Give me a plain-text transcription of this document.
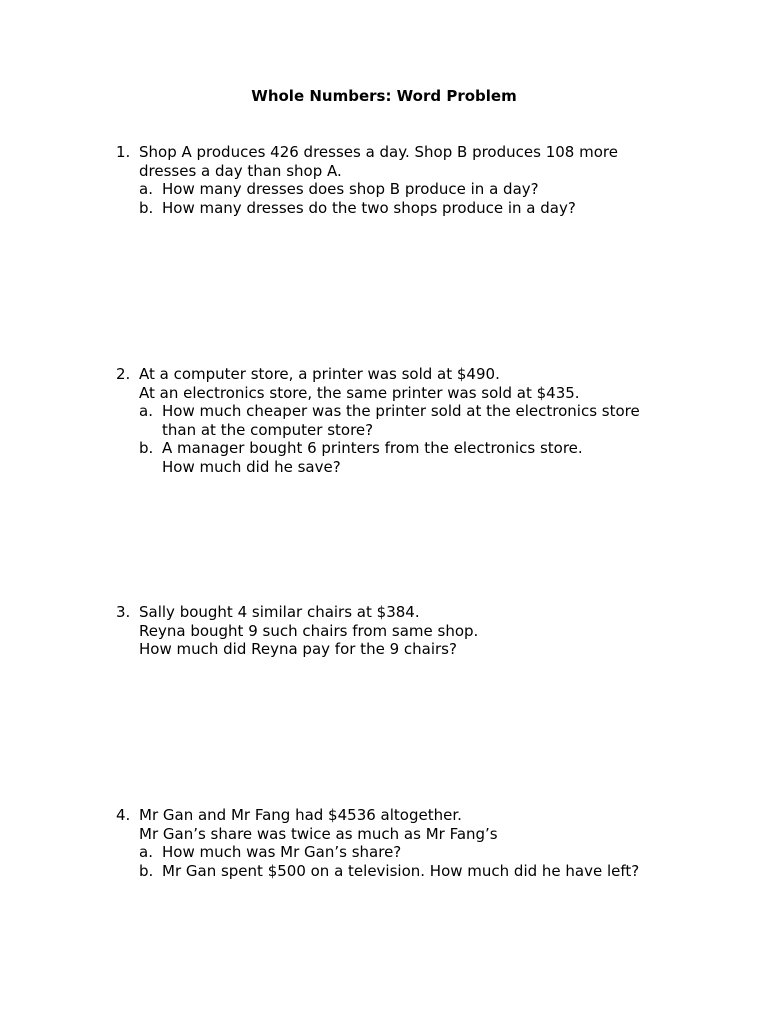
Whole Numbers: Word Problem
1. Shop A produces 426 dresses a day. Shop B produces 108 more
dresses a day than shop A.
a. How many dresses does shop B produce in a day?
b. How many dresses do the two shops produce in a day?
2. At a computer store, a printer was sold at $490.
At an electronics store, the same printer was sold at $435.
a. How much cheaper was the printer sold at the electronics store
than at the computer store?
b. A manager bought 6 printers from the electronics store.
How much did he save?
3. Sally bought 4 similar chairs at $384.
Reyna bought 9 such chairs from same shop.
How much did Reyna pay for the 9 chairs?
4. Mr Gan and Mr Fang had $4536 altogether.
Mr Gan’s share was twice as much as Mr Fang’s
a. How much was Mr Gan’s share?
b. Mr Gan spent $500 on a television. How much did he have left?
